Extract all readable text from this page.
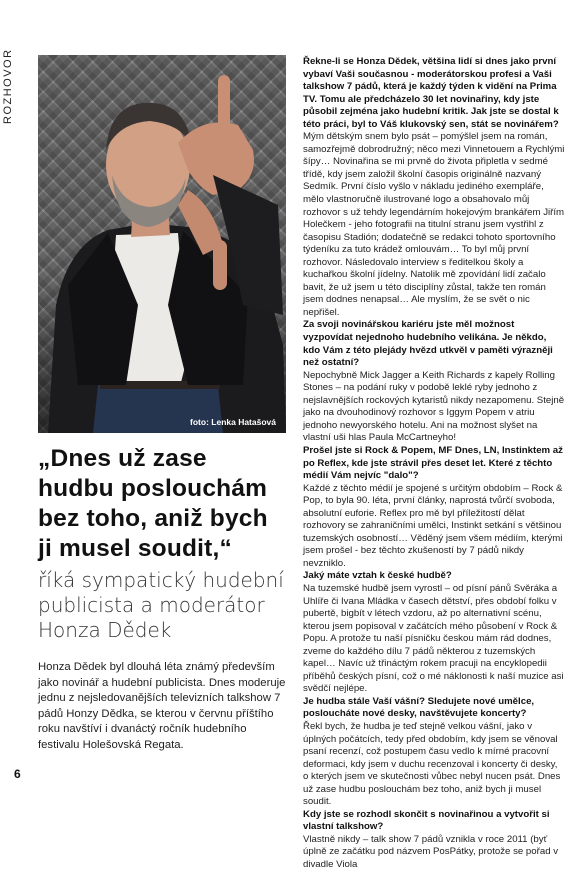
ROZHOVOR
foto: Lenka Hatašová
„Dnes už zase hudbu poslouchám bez toho, aniž bych ji musel soudit,“
říká sympatický hudební publicista a moderátor Honza Dědek

Honza Dědek byl dlouhá léta známý především jako novinář a hudební publicista. Dnes moderuje jednu z nejsledovanějších televizních talkshow 7 pádů Honzy Dědka, se kterou v červnu příštího roku navštíví i dvanáctý ročník hudebního festivalu Holešovská Regata.

Řekne-li se Honza Dědek, většina lidí si dnes jako první vybaví Vaši současnou - moderátorskou profesi a Vaši talkshow 7 pádů, která je každý týden k vidění na Prima TV. Tomu ale předcházelo 30 let novinařiny, kdy jste působil zejména jako hudební kritik. Jak jste se dostal k této práci, byl to Váš klukovský sen, stát se novinářem?

Mým dětským snem bylo psát – pomýšlel jsem na román, samozřejmě dobrodružný; něco mezi Vinnetouem a Rychlými šípy… Novinařina se mi prvně do života připletla v sedmé třídě, kdy jsem založil školní časopis originálně nazvaný Sedmík. První číslo vyšlo v nákladu jediného exempláře, mělo vlastnoručně ilustrované logo a obsahovalo můj rozhovor s už tehdy legendárním hokejovým brankářem Jiřím Holečkem - jeho fotografii na titulní stranu jsem vystřihl z časopisu Stadión; dodatečně se redakci tohoto sportovního týdeníku za tuto krádež omlouvám… To byl můj první rozhovor. Následovalo interview s ředitelkou školy a kuchařkou školní jídelny. Natolik mě zpovídání lidí začalo bavit, že už jsem u této disciplíny zůstal, takže ten román jsem dodnes nenapsal… Ale myslím, že se svět o nic nepřišel.

Za svoji novinářskou kariéru jste měl možnost vyzpovídat nejednoho hudebního velikána. Je někdo, kdo Vám z této plejády hvězd utkvěl v paměti výrazněji než ostatní?

Nepochybně Mick Jagger a Keith Richards z kapely Rolling Stones – na podání ruky v podobě leklé ryby jednoho z nejslavnějších rockových kytaristů nikdy nezapomenu. Stejně jako na dvouhodinový rozhovor s Iggym Popem v atriu jednoho newyorského hotelu. Ani na možnost slyšet na vlastní uši hlas Paula McCartneyho!

Prošel jste si Rock & Popem, MF Dnes, LN, Instinktem až po Reflex, kde jste strávil přes deset let. Které z těchto médií Vám nejvíc "dalo"?

Každé z těchto médií je spojené s určitým obdobím – Rock & Pop, to byla 90. léta, první články, naprostá tvůrčí svoboda, absolutní euforie. Reflex pro mě byl příležitostí dělat rozhovory se zahraničními umělci, Instinkt setkání s většinou tuzemských osobností… Věděný jsem všem médiím, kterými jsem prošel - bez těchto zkušeností by 7 pádů nikdy nevzniklo.

Jaký máte vztah k české hudbě?

Na tuzemské hudbě jsem vyrostl – od písní pánů Svěráka a Uhlíře či Ivana Mládka v časech dětství, přes období folku v pubertě, bigbít v létech vzdoru, až po alternativní scénu, kterou jsem popisoval v začátcích mého působení v Rock & Popu. A protože tu naší písničku českou mám rád dodnes, zveme do každého dílu 7 pádů některou z tuzemských kapel… Navíc už třináctým rokem pracuji na encyklopedii příběhů českých písní, což o mé náklonosti k naší muzice asi svědčí nejlépe.

Je hudba stále Vaší vášní? Sledujete nové umělce, posloucháte nové desky, navštěvujete koncerty?

Řekl bych, že hudba je teď stejně velkou vášní, jako v úplných počátcích, tedy před obdobím, kdy jsem se věnoval psaní recenzí, což postupem času vedlo k mírné pracovní deformaci, kdy jsem v duchu recenzoval i koncerty či desky, o kterých jsem ve skutečnosti vůbec nebyl nucen psát. Dnes už zase hudbu poslouchám bez toho, aniž bych ji musel soudit.

Kdy jste se rozhodl skončit s novinařinou a vytvořit si vlastní talkshow?

Vlastně nikdy – talk show 7 pádů vznikla v roce 2011 (byť úplně ze začátku pod názvem PosPátky, protože se pořad v divadle Viola

6
